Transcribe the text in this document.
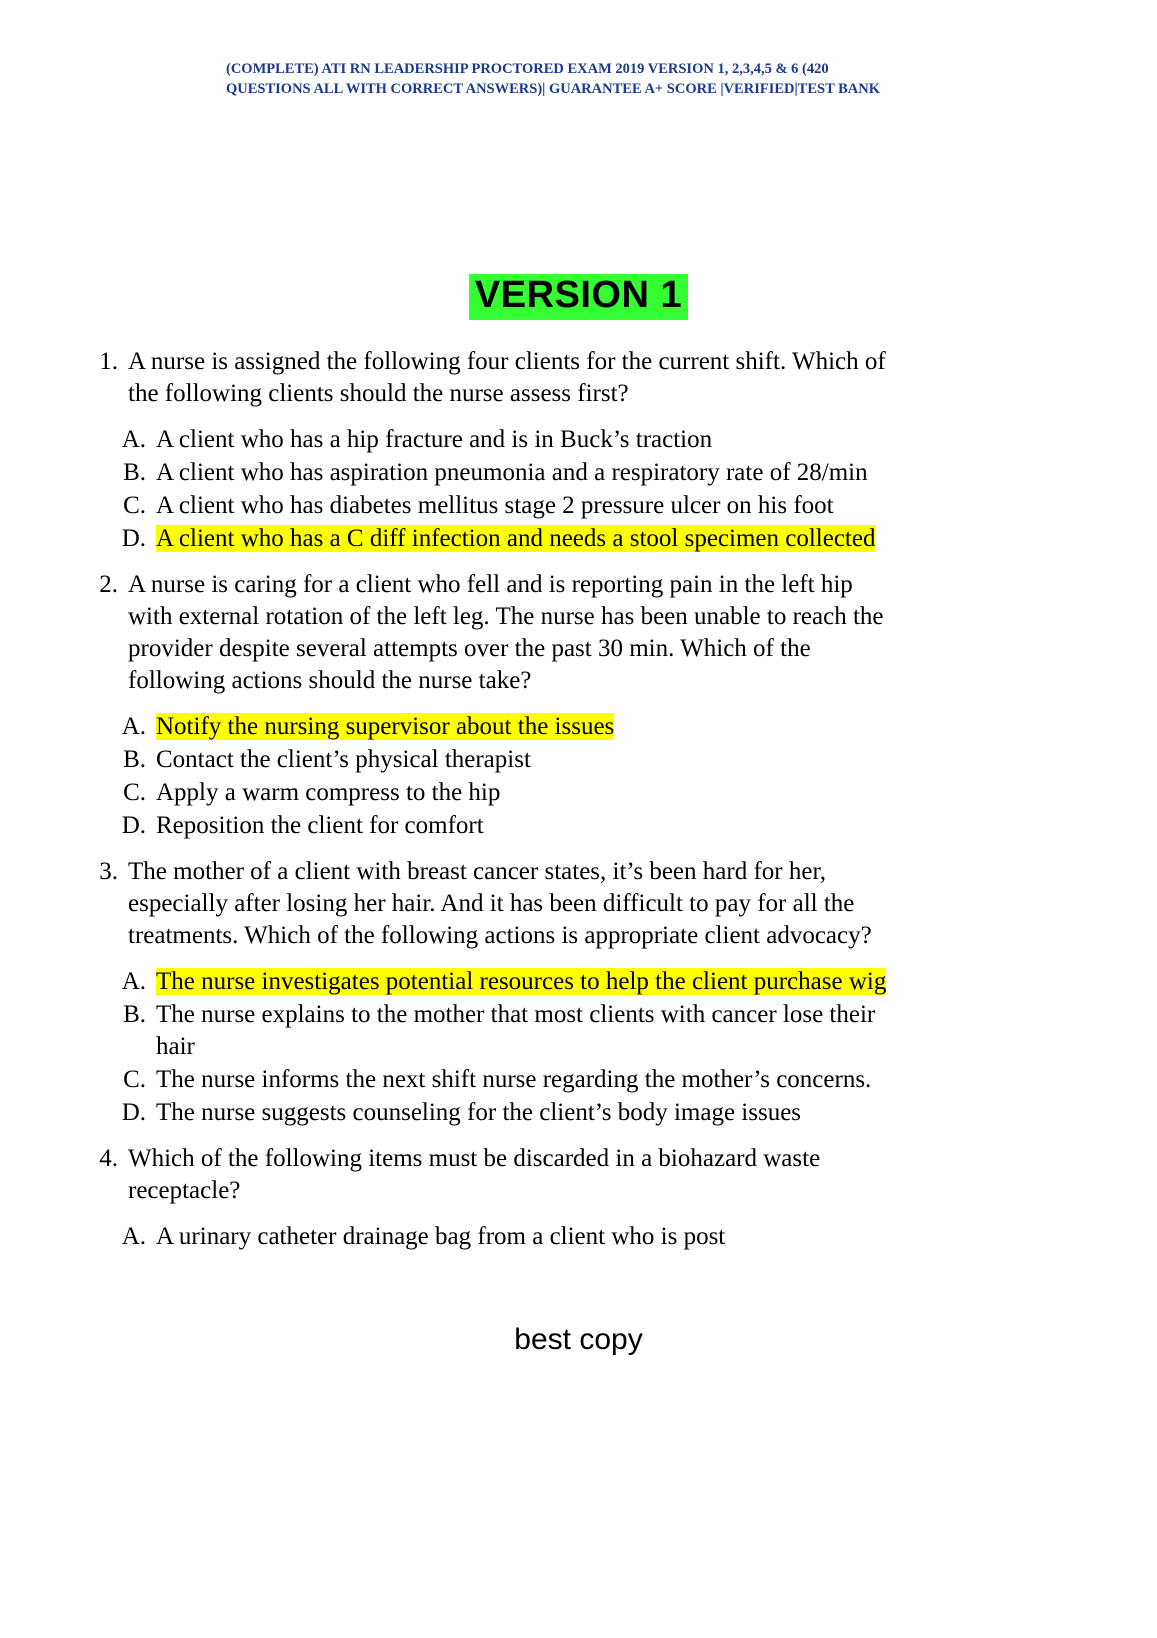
(COMPLETE) ATI RN LEADERSHIP PROCTORED EXAM 2019 VERSION 1, 2,3,4,5 & 6 (420 QUESTIONS ALL WITH CORRECT ANSWERS)| GUARANTEE A+ SCORE |VERIFIED|TEST BANK
VERSION 1
1. A nurse is assigned the following four clients for the current shift. Which of the following clients should the nurse assess first?
A. A client who has a hip fracture and is in Buck’s traction
B. A client who has aspiration pneumonia and a respiratory rate of 28/min
C. A client who has diabetes mellitus stage 2 pressure ulcer on his foot
D. A client who has a C diff infection and needs a stool specimen collected
2. A nurse is caring for a client who fell and is reporting pain in the left hip with external rotation of the left leg. The nurse has been unable to reach the provider despite several attempts over the past 30 min. Which of the following actions should the nurse take?
A. Notify the nursing supervisor about the issues
B. Contact the client’s physical therapist
C. Apply a warm compress to the hip
D. Reposition the client for comfort
3. The mother of a client with breast cancer states, it’s been hard for her, especially after losing her hair. And it has been difficult to pay for all the treatments. Which of the following actions is appropriate client advocacy?
A. The nurse investigates potential resources to help the client purchase wig
B. The nurse explains to the mother that most clients with cancer lose their hair
C. The nurse informs the next shift nurse regarding the mother’s concerns.
D. The nurse suggests counseling for the client’s body image issues
4. Which of the following items must be discarded in a biohazard waste receptacle?
A. A urinary catheter drainage bag from a client who is post
best copy
